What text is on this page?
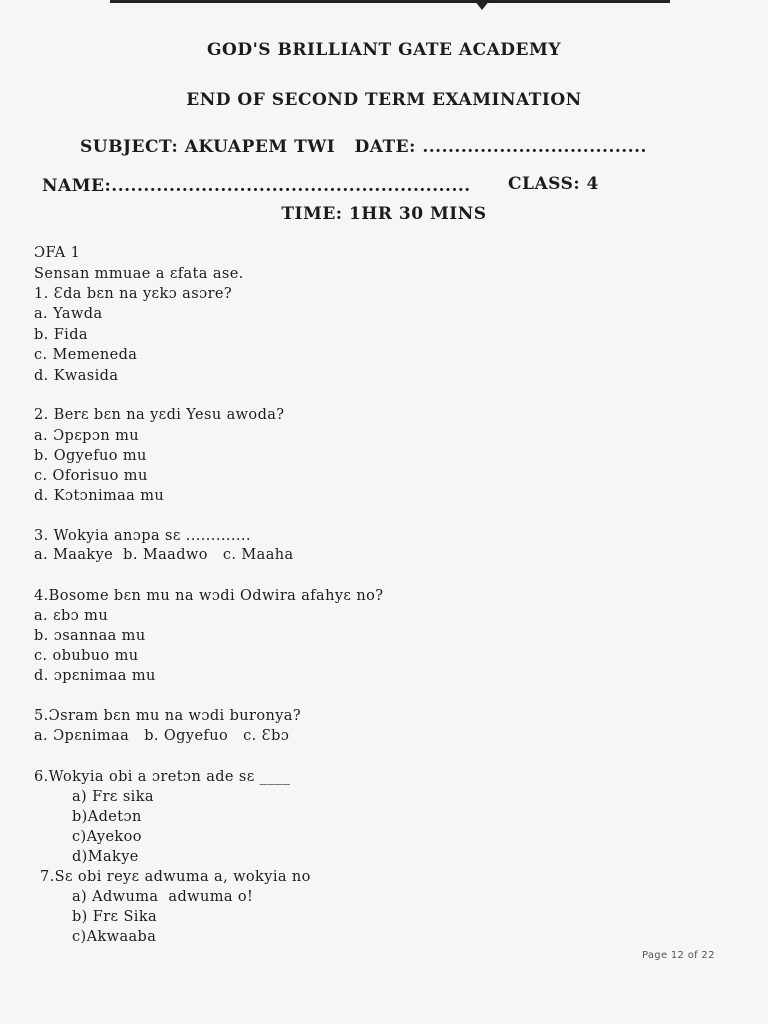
GOD'S BRILLIANT GATE ACADEMY
END OF SECOND TERM EXAMINATION
SUBJECT: AKUAPEM TWI   DATE: ...................................
NAME:........................................................ CLASS: 4
TIME: 1HR 30 MINS
ƆFA 1
Sensan mmuae a ɛfata ase.
1. Ɛda bɛn na yɛkɔ asɔre?
a. Yawda
b. Fida
c. Memeneda
d. Kwasida
2. Berɛ bɛn na yɛdi Yesu awoda?
a. Ɔpɛpɔn mu
b. Ogyefuo mu
c. Oforisuo mu
d. Kɔtɔnimaa mu
3. Wokyia anɔpa sɛ .............
a. Maakye  b. Maadwo   c. Maaha
4.Bosome bɛn mu na wɔdi Odwira afahyɛ no?
a. ɛbɔ mu
b. ɔsannaa mu
c. obubuo mu
d. ɔpɛnimaa mu
5.Ɔsram bɛn mu na wɔdi buronya?
a. Ɔpɛnimaa   b. Ogyefuo   c. Ɛbɔ
6.Wokyia obi a ɔretɔn ade sɛ ____
a) Frɛ sika
b)Adetɔn
c)Ayekoo
d)Makye
7.Sɛ obi reyɛ adwuma a, wokyia no
a) Adwuma  adwuma o!
b) Frɛ Sika
c)Akwaaba
Page 12 of 22
